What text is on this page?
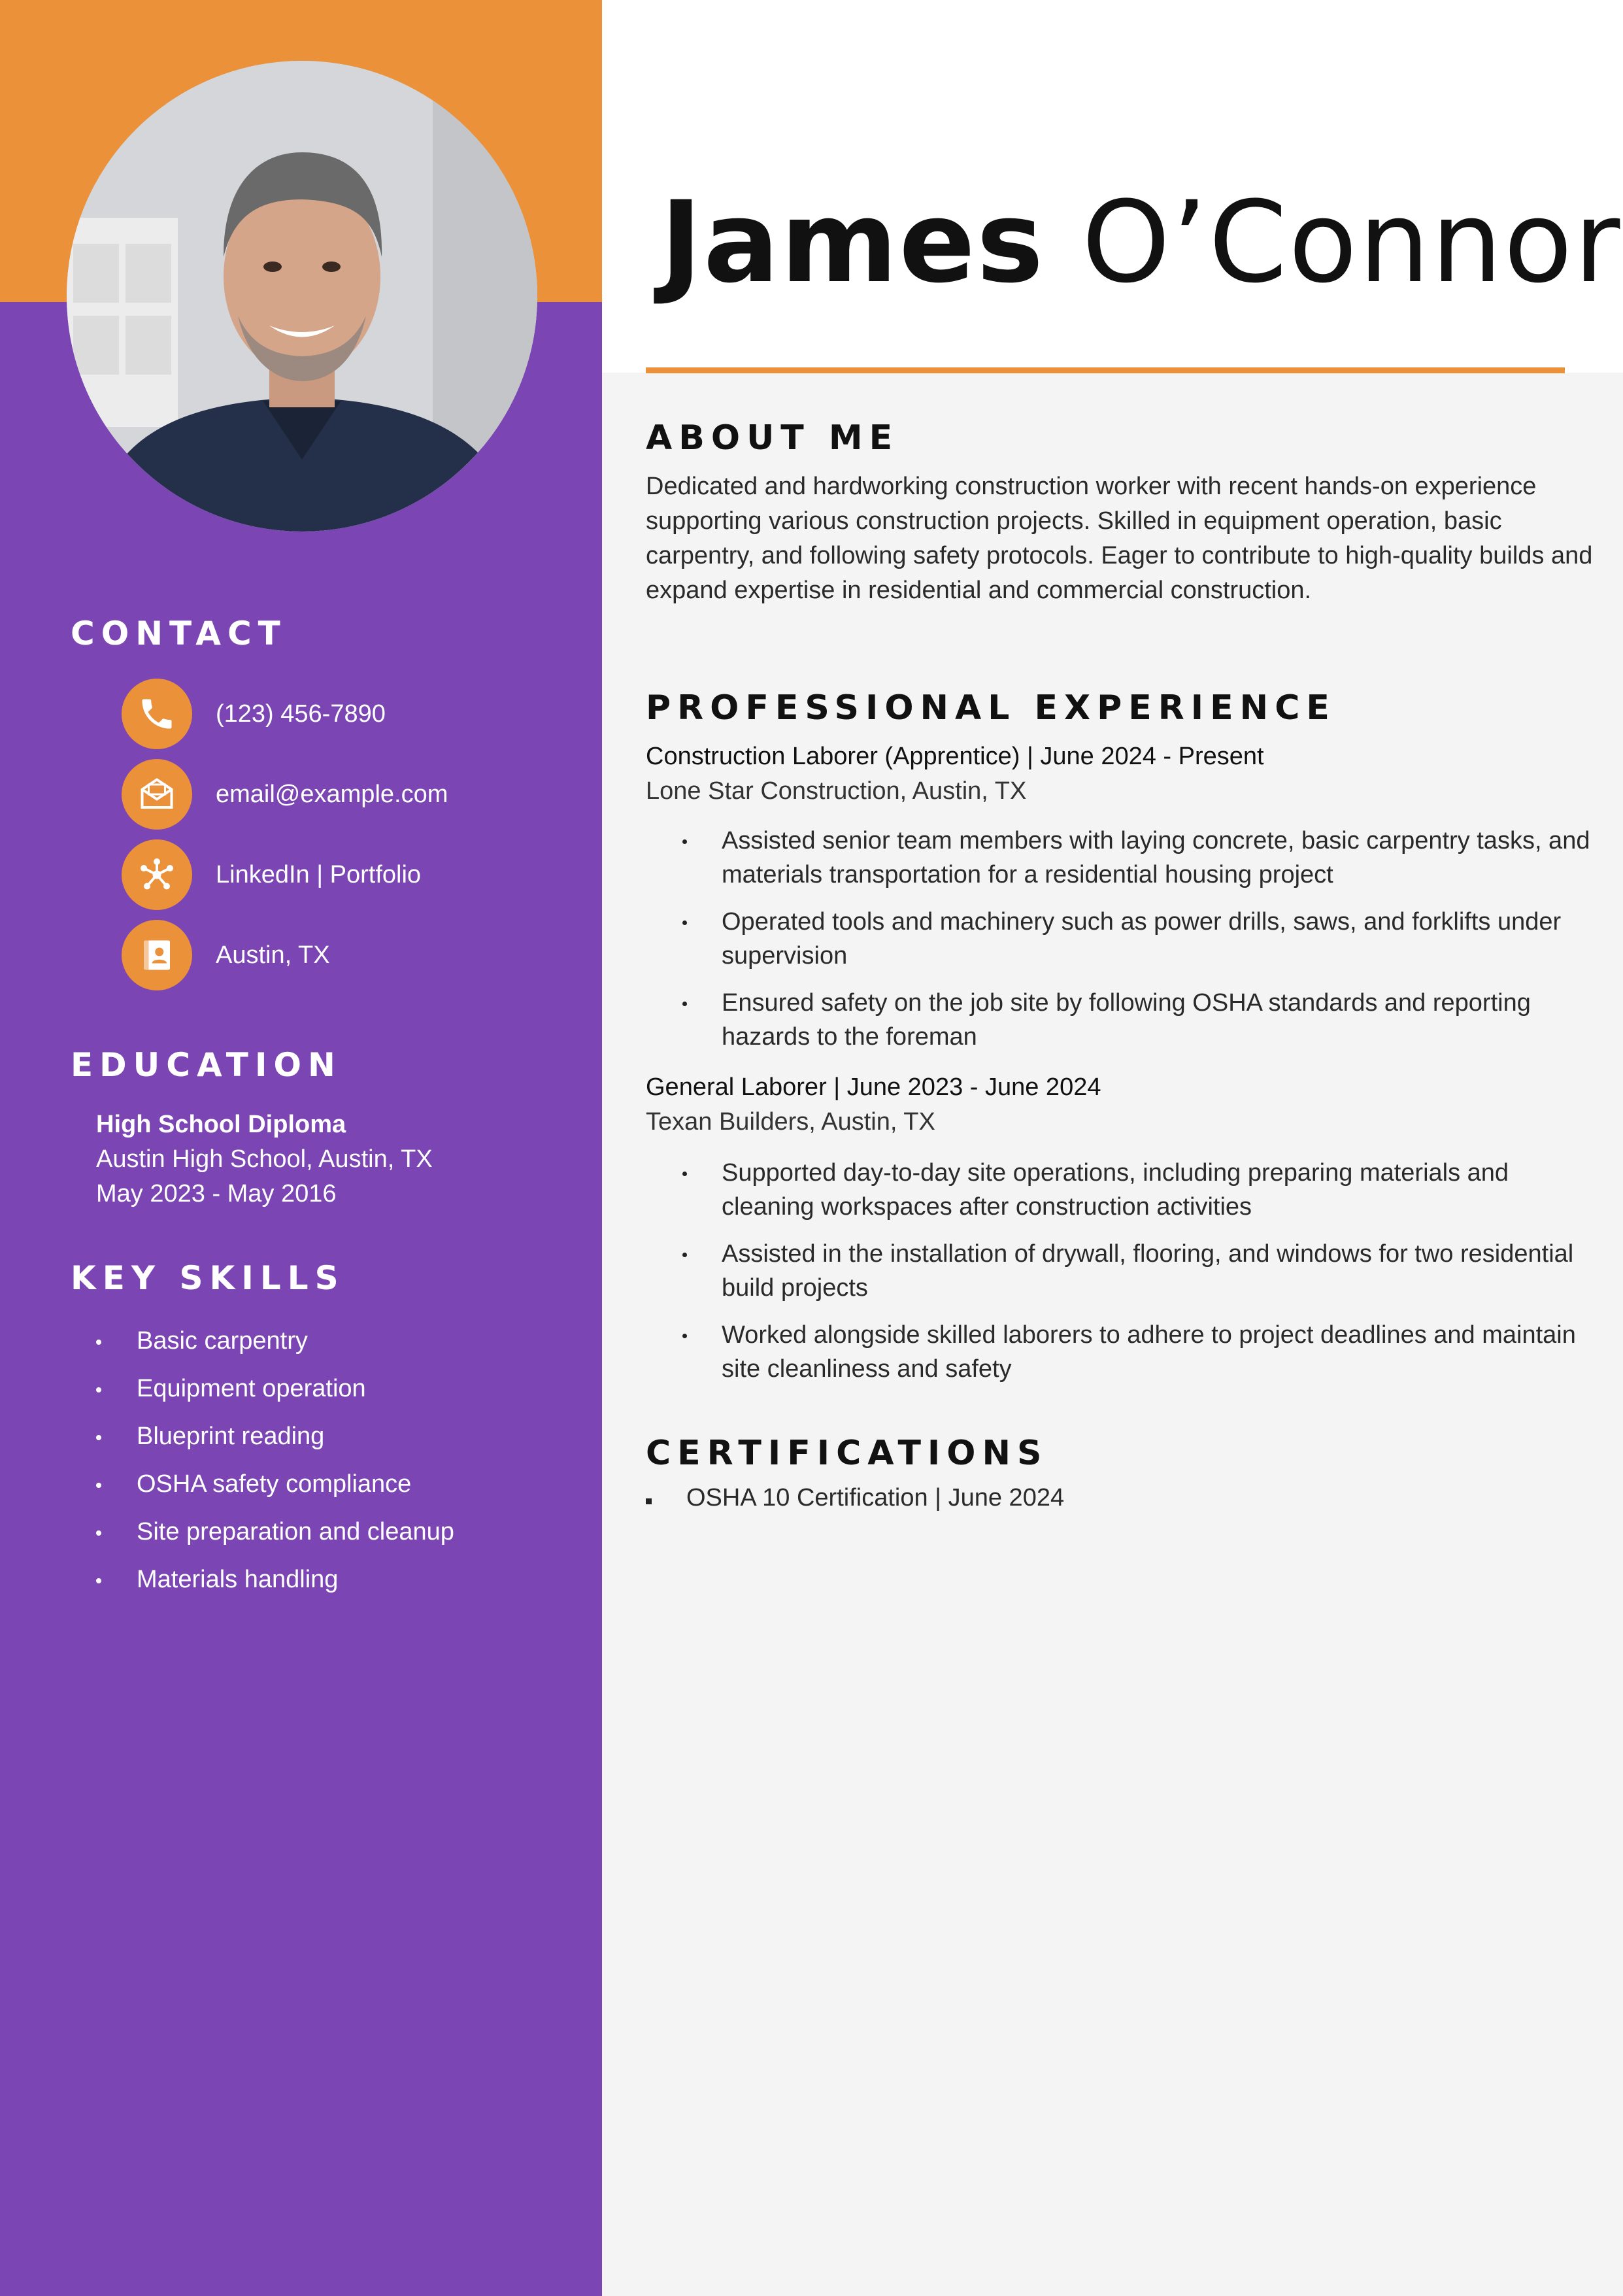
CONTACT
(123) 456-7890
email@example.com
LinkedIn | Portfolio
Austin, TX
EDUCATION
High School Diploma
Austin High School, Austin, TX
May 2023 - May 2016
KEY SKILLS
Basic carpentry
Equipment operation
Blueprint reading
OSHA safety compliance
Site preparation and cleanup
Materials handling
James O’Connor
ABOUT ME
Dedicated and hardworking construction worker with recent hands-on experience supporting various construction projects. Skilled in equipment operation, basic carpentry, and following safety protocols. Eager to contribute to high-quality builds and expand expertise in residential and commercial construction.
PROFESSIONAL EXPERIENCE
Construction Laborer (Apprentice) | June 2024 - Present
Lone Star Construction, Austin, TX
Assisted senior team members with laying concrete, basic carpentry tasks, and materials transportation for a residential housing project
Operated tools and machinery such as power drills, saws, and forklifts under supervision
Ensured safety on the job site by following OSHA standards and reporting hazards to the foreman
General Laborer | June 2023 - June 2024
Texan Builders, Austin, TX
Supported day-to-day site operations, including preparing materials and cleaning workspaces after construction activities
Assisted in the installation of drywall, flooring, and windows for two residential build projects
Worked alongside skilled laborers to adhere to project deadlines and maintain site cleanliness and safety
CERTIFICATIONS
OSHA 10 Certification | June 2024
